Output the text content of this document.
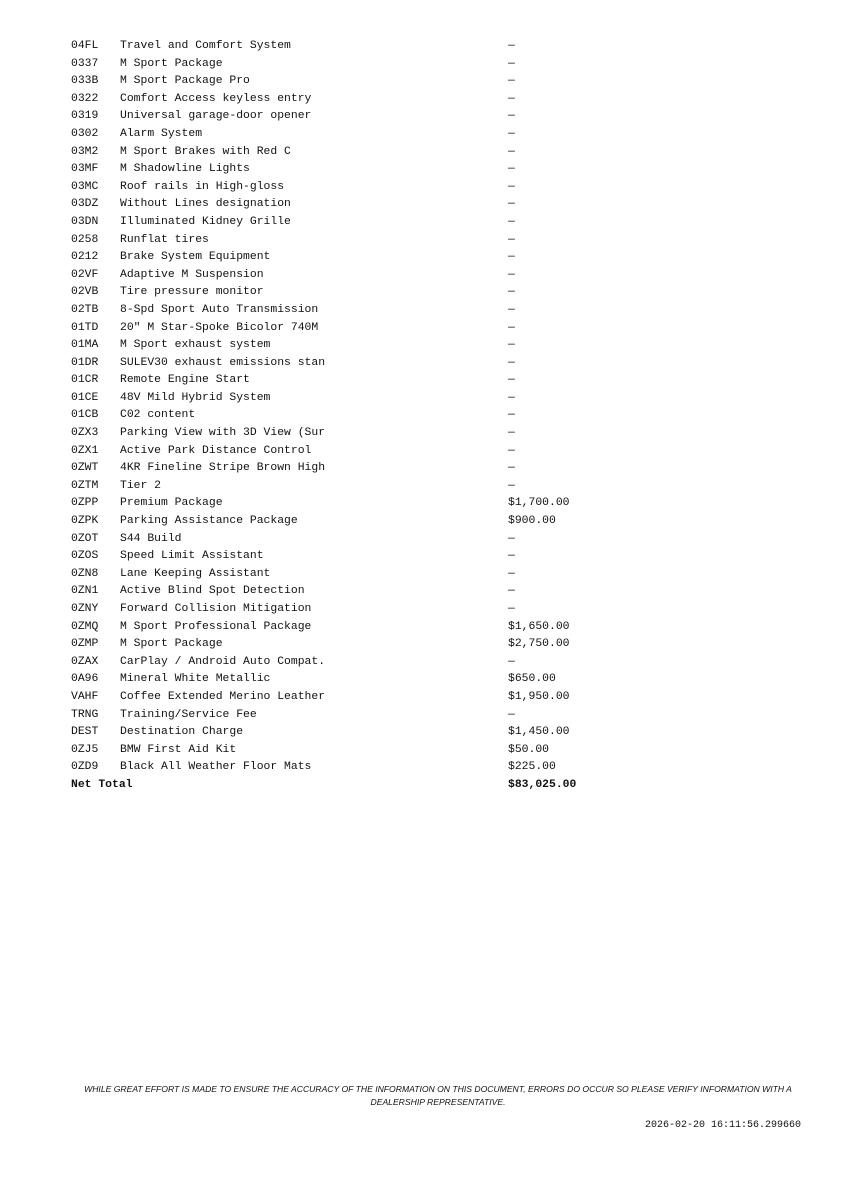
04FL Travel and Comfort System	—
0337 M Sport Package	—
033B M Sport Package Pro	—
0322 Comfort Access keyless entry	—
0319 Universal garage-door opener	—
0302 Alarm System	—
03M2 M Sport Brakes with Red C	—
03MF M Shadowline Lights	—
03MC Roof rails in High-gloss	—
03DZ Without Lines designation	—
03DN Illuminated Kidney Grille	—
0258 Runflat tires	—
0212 Brake System Equipment	—
02VF Adaptive M Suspension	—
02VB Tire pressure monitor	—
02TB 8-Spd Sport Auto Transmission	—
01TD 20" M Star-Spoke Bicolor 740M	—
01MA M Sport exhaust system	—
01DR SULEV30 exhaust emissions stan	—
01CR Remote Engine Start	—
01CE 48V Mild Hybrid System	—
01CB C02 content	—
0ZX3 Parking View with 3D View (Sur	—
0ZX1 Active Park Distance Control	—
0ZWT 4KR Fineline Stripe Brown High	—
0ZTM Tier 2	—
0ZPP Premium Package	$1,700.00
0ZPK Parking Assistance Package	$900.00
0ZOT S44 Build	—
0ZOS Speed Limit Assistant	—
0ZN8 Lane Keeping Assistant	—
0ZN1 Active Blind Spot Detection	—
0ZNY Forward Collision Mitigation	—
0ZMQ M Sport Professional Package	$1,650.00
0ZMP M Sport Package	$2,750.00
0ZAX CarPlay / Android Auto Compat.	—
0A96 Mineral White Metallic	$650.00
VAHF Coffee Extended Merino Leather	$1,950.00
TRNG Training/Service Fee	—
DEST Destination Charge	$1,450.00
0ZJ5 BMW First Aid Kit	$50.00
0ZD9 Black All Weather Floor Mats	$225.00
Net Total	$83,025.00
WHILE GREAT EFFORT IS MADE TO ENSURE THE ACCURACY OF THE INFORMATION ON THIS DOCUMENT, ERRORS DO OCCUR SO PLEASE VERIFY INFORMATION WITH A DEALERSHIP REPRESENTATIVE.
2026-02-20 16:11:56.299660
